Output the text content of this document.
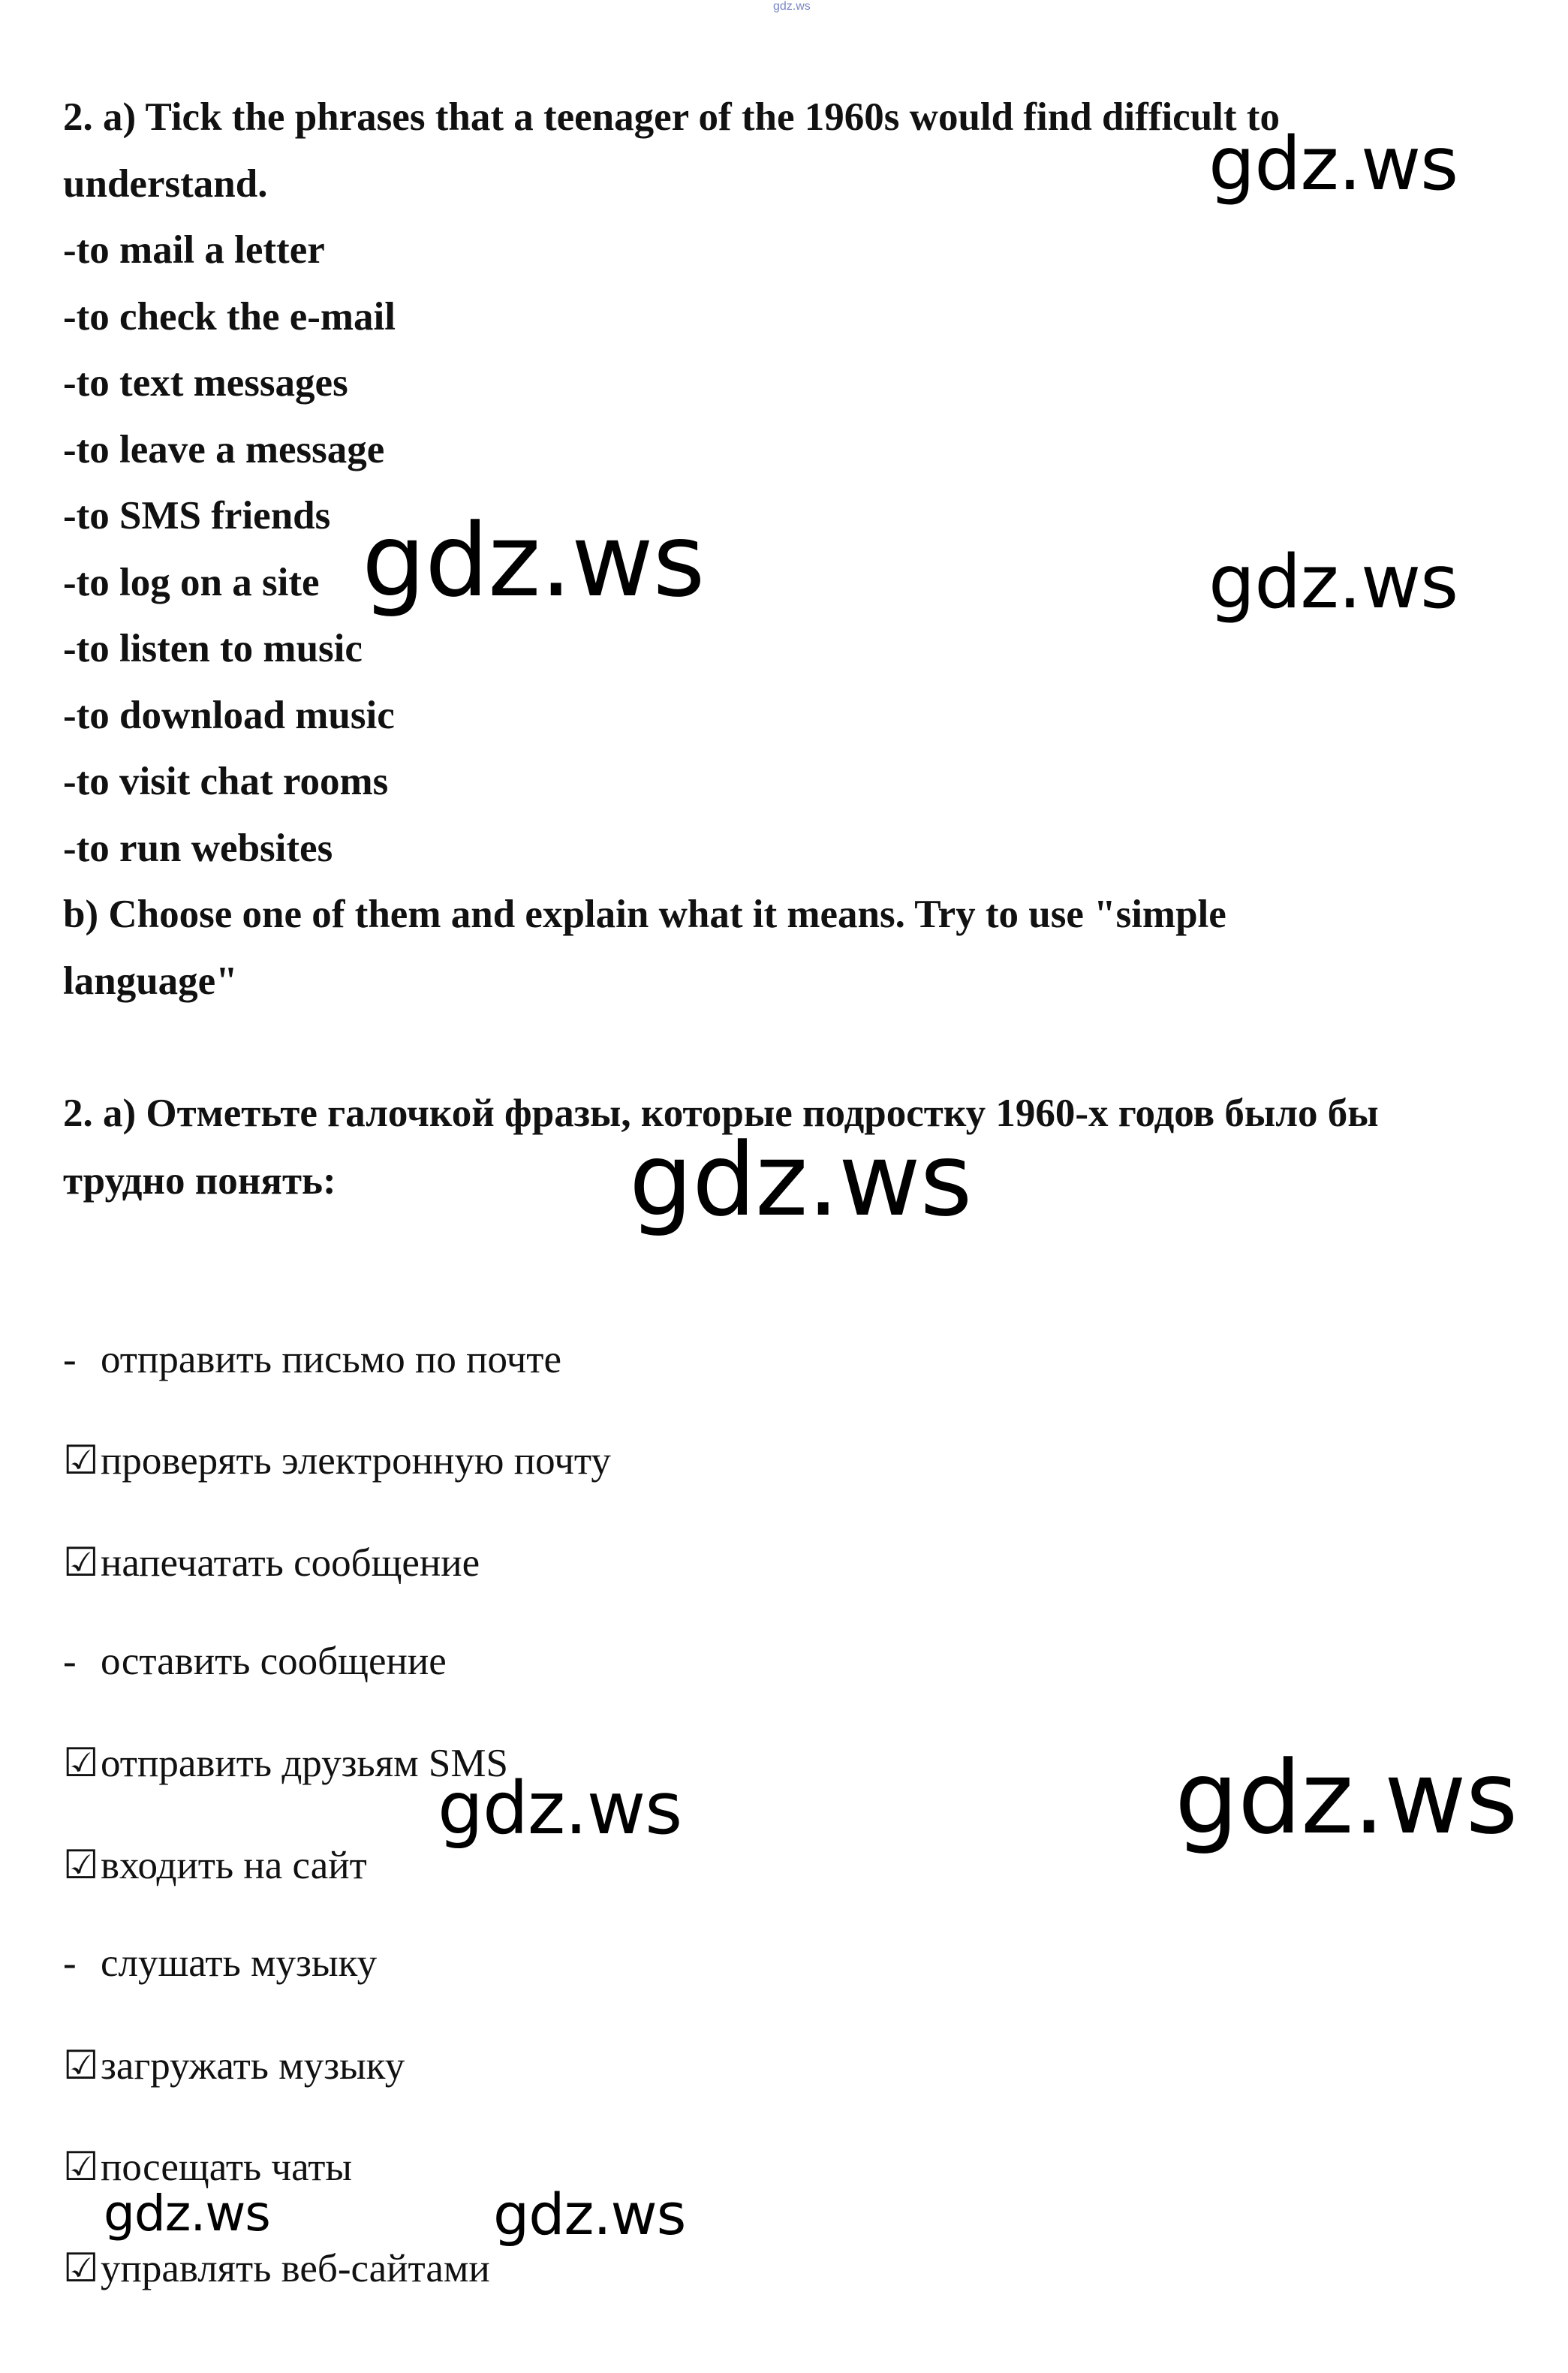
gdz.ws
2. a) Tick the phrases that a teenager of the 1960s would find difficult to
understand.
-to mail a letter
-to check the e-mail
-to text messages
-to leave a message
-to SMS friends
-to log on a site
-to listen to music
-to download music
-to visit chat rooms
-to run websites
b) Choose one of them and explain what it means. Try to use "simple
language"
2. а) Отметьте галочкой фразы, которые подростку 1960-х годов было бы
трудно понять:
- отправить письмо по почте
☑проверять электронную почту
☑напечатать сообщение
- оставить сообщение
☑отправить друзьям SMS
☑входить на сайт
- слушать музыку
☑загружать музыку
☑посещать чаты
☑управлять веб-сайтами
gdz.ws
gdz.ws	gdz.ws
gdz.ws
gdz.ws
gdz.ws
gdz.ws	gdz.ws
